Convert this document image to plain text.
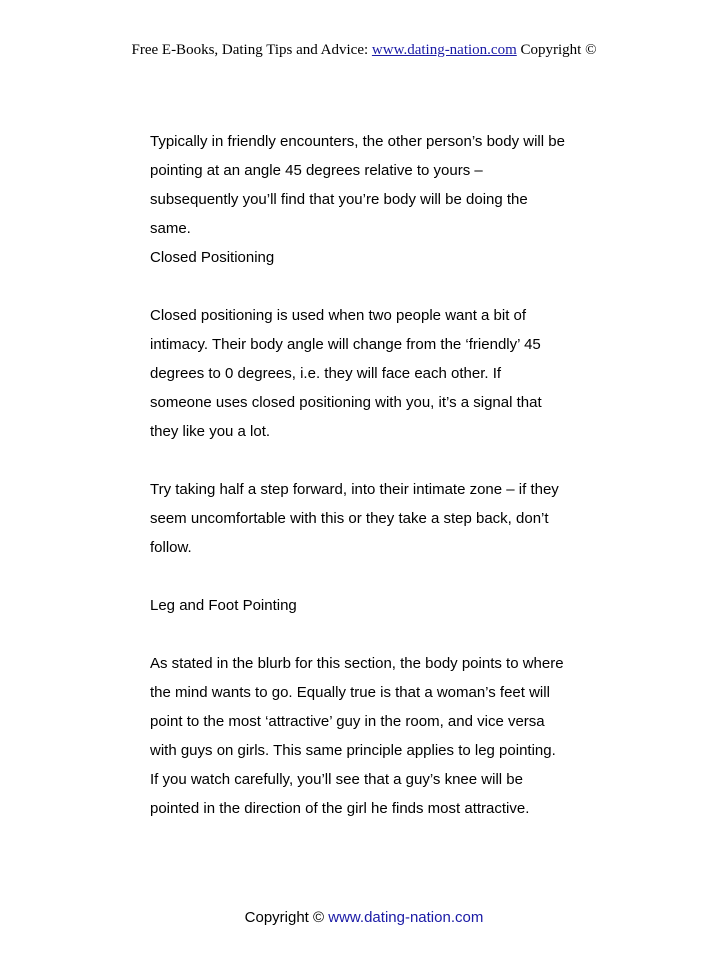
Free E-Books, Dating Tips and Advice: www.dating-nation.com Copyright ©

Typically in friendly encounters, the other person’s body will be

pointing at an angle 45 degrees relative to yours –

subsequently you’ll find that you’re body will be doing the

same.

Closed Positioning

Closed positioning is used when two people want a bit of

intimacy. Their body angle will change from the ‘friendly’ 45

degrees to 0 degrees, i.e. they will face each other. If

someone uses closed positioning with you, it’s a signal that

they like you a lot.

Try taking half a step forward, into their intimate zone – if they

seem uncomfortable with this or they take a step back, don’t

follow.

Leg and Foot Pointing

As stated in the blurb for this section, the body points to where

the mind wants to go. Equally true is that a woman’s feet will

point to the most ‘attractive’ guy in the room, and vice versa

with guys on girls. This same principle applies to leg pointing.

If you watch carefully, you’ll see that a guy’s knee will be

pointed in the direction of the girl he finds most attractive.

Copyright © www.dating-nation.com
